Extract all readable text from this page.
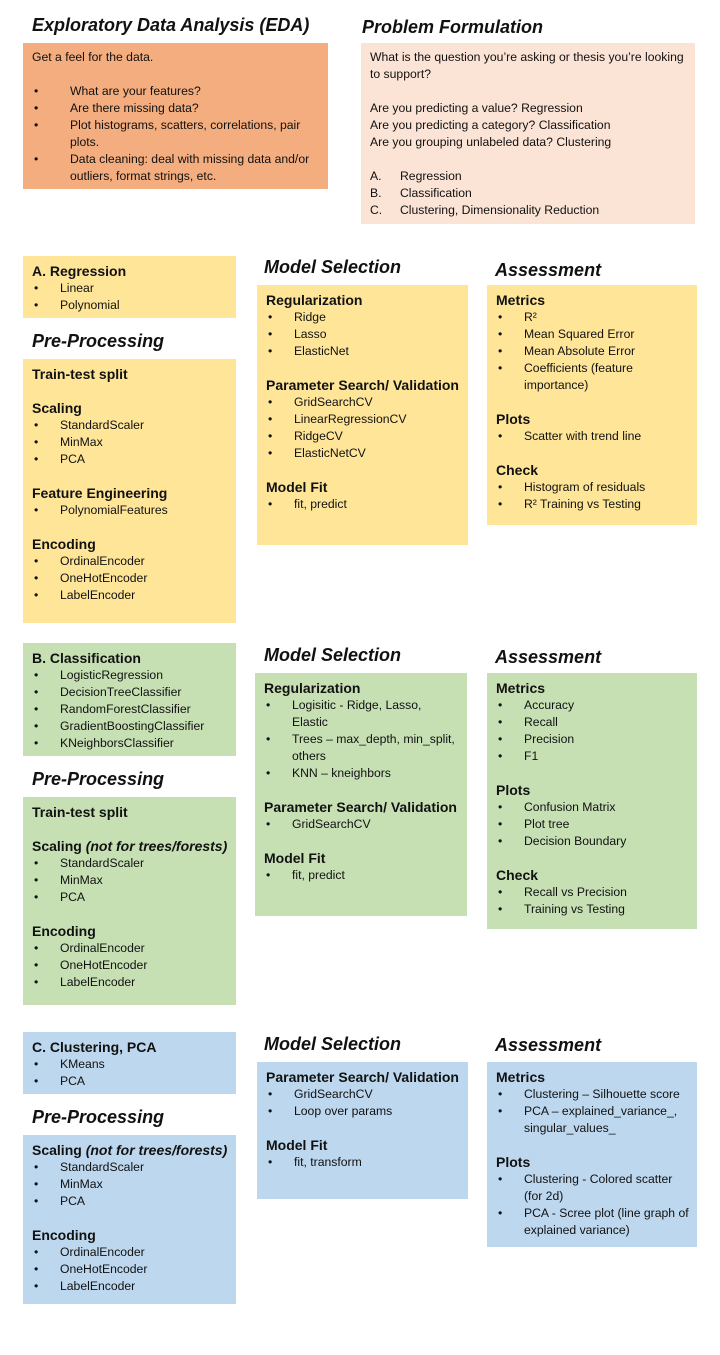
Exploratory Data Analysis (EDA)

Get a feel for the data.

• What are your features?
• Are there missing data?
• Plot histograms, scatters, correlations, pair plots.
• Data cleaning: deal with missing data and/or outliers, format strings, etc.
Problem Formulation

What is the question you’re asking or thesis you’re looking to support?

Are you predicting a value? Regression

Are you predicting a category? Classification

Are you grouping unlabeled data? Clustering

A. Regression
B. Classification
C. Clustering, Dimensionality Reduction
A. Regression
• Linear
• Polynomial
Pre-Processing
Train-test split
Scaling
• StandardScaler
• MinMax
• PCA
Feature Engineering
• PolynomialFeatures
Encoding
• OrdinalEncoder
• OneHotEncoder
• LabelEncoder
Model Selection
Regularization
• Ridge
• Lasso
• ElasticNet
Parameter Search/ Validation
• GridSearchCV
• LinearRegressionCV
• RidgeCV
• ElasticNetCV
Model Fit
• fit, predict
Assessment
Metrics
• R²
• Mean Squared Error
• Mean Absolute Error
• Coefficients (feature importance)
Plots
• Scatter with trend line
Check
• Histogram of residuals
• R² Training vs Testing
B. Classification
• LogisticRegression
• DecisionTreeClassifier
• RandomForestClassifier
• GradientBoostingClassifier
• KNeighborsClassifier
Pre-Processing
Train-test split
Scaling (not for trees/forests)
• StandardScaler
• MinMax
• PCA
Encoding
• OrdinalEncoder
• OneHotEncoder
• LabelEncoder
Model Selection
Regularization
• Logisitic - Ridge, Lasso, Elastic
• Trees – max_depth, min_split, others
• KNN – kneighbors
Parameter Search/ Validation
• GridSearchCV
Model Fit
• fit, predict
Assessment
Metrics
• Accuracy
• Recall
• Precision
• F1
Plots
• Confusion Matrix
• Plot tree
• Decision Boundary
Check
• Recall vs Precision
• Training vs Testing
C. Clustering, PCA
• KMeans
• PCA
Pre-Processing
Scaling (not for trees/forests)
• StandardScaler
• MinMax
• PCA
Encoding
• OrdinalEncoder
• OneHotEncoder
• LabelEncoder
Model Selection
Parameter Search/ Validation
• GridSearchCV
• Loop over params
Model Fit
• fit, transform
Assessment
Metrics
• Clustering – Silhouette score
• PCA – explained_variance_, singular_values_
Plots
• Clustering - Colored scatter (for 2d)
• PCA - Scree plot (line graph of explained variance)
